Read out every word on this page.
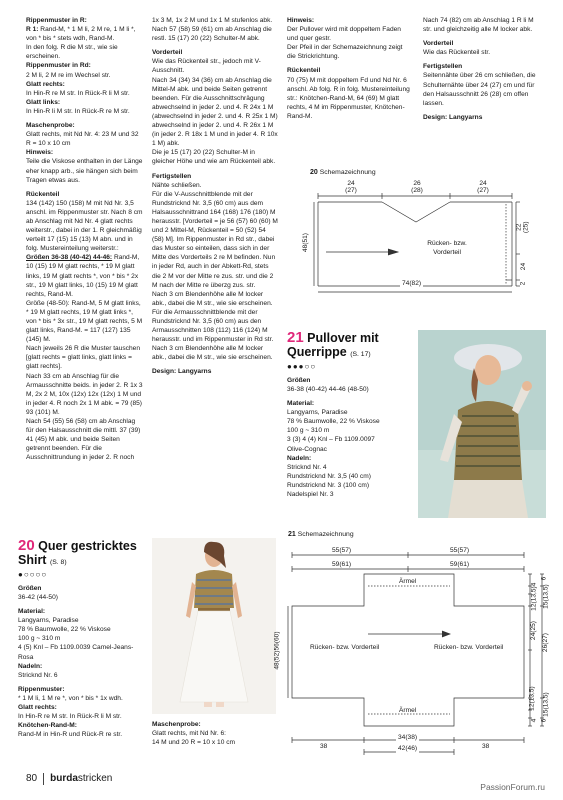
Rippenmuster in R:

R 1: Rand-M, * 1 M li, 2 M re, 1 M li *, von * bis * stets wdh, Rand-M.

In den folg. R die M str., wie sie erscheinen.

Rippenmuster in Rd:

2 M li, 2 M re im Wechsel str.

Glatt rechts:

In Hin-R re M str. In Rück-R li M str.

Glatt links:

In Hin-R li M str. In Rück-R re M str.

Maschenprobe:

Glatt rechts, mit Nd Nr. 4: 23 M und 32 R = 10 x 10 cm

Hinweis:

Teile die Viskose enthalten in der Länge eher knapp arb., sie hängen sich beim Tragen etwas aus.

Rückenteil

134 (142) 150 (158) M mit Nd Nr. 3,5 anschl. im Rippenmuster str. Nach 8 cm ab Anschlag mit Nd Nr. 4 glatt rechts weiterstr., dabei in der 1. R gleichmäßig verteilt 17 (15) 15 (13) M abn. und in folg. Mustereinteilung weiterstr.:

Größen 36-38 (40-42) 44-46: Rand-M, 10 (15) 19 M glatt rechts, * 19 M glatt links, 19 M glatt rechts *, von * bis * 2x str., 19 M glatt links, 10 (15) 19 M glatt rechts, Rand-M.

Größe (48-50): Rand-M, 5 M glatt links, * 19 M glatt rechts, 19 M glatt links *, von * bis * 3x str., 19 M glatt rechts, 5 M glatt links, Rand-M. = 117 (127) 135 (145) M.

Nach jeweils 26 R die Muster tauschen [glatt rechts = glatt links, glatt links = glatt rechts].

Nach 33 cm ab Anschlag für die Armausschnitte beids. in jeder 2. R 1x 3 M, 2x 2 M, 10x (12x) 12x (12x) 1 M und in jeder 4. R noch 2x 1 M abk. = 79 (85) 93 (101) M.

Nach 54 (55) 56 (58) cm ab Anschlag für den Halsausschnitt die mittl. 37 (39) 41 (45) M abk. und beide Seiten getrennt beenden. Für die Ausschnittrundung in jeder 2. R noch

1x 3 M, 1x 2 M und 1x 1 M stufenlos abk.

Nach 57 (58) 59 (61) cm ab Anschlag die restl. 15 (17) 20 (22) Schulter-M abk.

Vorderteil

Wie das Rückenteil str., jedoch mit V-Ausschnitt.

Nach 34 (34) 34 (36) cm ab Anschlag die Mittel-M abk. und beide Seiten getrennt beenden. Für die Ausschnittschrägung abwechselnd in jeder 2. und 4. R 24x 1 M (abwechselnd in jeder 2. und 4. R 25x 1 M) abwechselnd in jeder 2. und 4. R 26x 1 M (in jeder 2. R 18x 1 M und in jeder 4. R 10x 1 M) abk.

Die je 15 (17) 20 (22) Schulter-M in gleicher Höhe und wie am Rückenteil abk.

Fertigstellen

Nähte schließen.

Für die V-Ausschnittblende mit der Rundstricknd Nr. 3,5 (60 cm) aus dem Halsausschnittrand 164 (168) 176 (180) M herausstr. [Vorderteil = je 56 (57) 60 (60) M und 2 Mittel-M, Rückenteil = 50 (52) 54 (58) M]. Im Rippenmuster in Rd str., dabei das Muster so einteilen, dass sich in der Mitte des Vorderteils 2 re M befinden. Nun in jeder Rd, auch in der Abkett-Rd, stets die 2 M vor der Mitte re zus. str. und die 2 M nach der Mitte re überzg zus. str.

Nach 3 cm Blendenhöhe alle M locker abk., dabei die M str., wie sie erscheinen.

Für die Armausschnittblende mit der Rundstricknd Nr. 3,5 (60 cm) aus den Armausschnitten 108 (112) 116 (124) M herausstr. und im Rippenmuster in Rd str.

Nach 3 cm Blendenhöhe alle M locker abk., dabei die M str., wie sie erscheinen.

Design: Langyarns

Hinweis:

Der Pullover wird mit doppeltem Faden und quer gestr.

Der Pfeil in der Schemazeichnung zeigt die Strickrichtung.

Rückenteil

70 (75) M mit doppeltem Fd und Nd Nr. 6 anschl. Ab folg. R in folg. Mustereinteilung str.: Knötchen-Rand-M, 64 (69) M glatt rechts, 4 M im Rippenmuster, Knötchen-Rand-M.

Nach 74 (82) cm ab Anschlag 1 R li M str. und gleichzeitig alle M locker abk.

Vorderteil

Wie das Rückenteil str.

Fertigstellen

Seitennähte über 26 cm schließen, die Schulternähte über 24 (27) cm und für den Halsausschnitt 26 (28) cm offen lassen.

Design: Langyarns

20 Schemazeichnung
24
(27)
26
(28)
24
(27)
48(51)	Rücken- bzw.
Vorderteil
74(82)
22
(25)
24
2
21 Pullover mit
Querrippe (S. 17)
●●●○○

Größen

36-38 (40-42) 44-46 (48-50)

Material:

Langyarns, Paradise

78 % Baumwolle, 22 % Viskose

100 g ~ 310 m

3 (3) 4 (4) Knl – Fb 1109.0097

Olive-Cognac

Nadeln:

Stricknd Nr. 4

Rundstricknd Nr. 3,5 (40 cm)

Rundstricknd Nr. 3 (100 cm)

Nadelspiel Nr. 3

20 Quer gestricktes
Shirt (S. 8)
●○○○○

Größen

36-42 (44-50)

Material:

Langyarns, Paradise

78 % Baumwolle, 22 % Viskose

100 g ~ 310 m

4 (5) Knl – Fb 1109.0039 Camel-Jeans-Rosa

Nadeln:

Stricknd Nr. 6

Rippenmuster:

* 1 M li, 1 M re *, von * bis * 1x wdh.

Glatt rechts:

In Hin-R re M str. In Rück-R li M str.

Knötchen-Rand-M:

Rand-M in Hin-R und Rück-R re str.

Maschenprobe:

Glatt rechts, mit Nd Nr. 6:

14 M und 20 R = 10 x 10 cm

21 Schemazeichnung
55(57)	55(57)
59(61)	59(61)
Ärmel
Ärmel
48(52)56(60)	Rücken- bzw. Vorderteil	Rücken- bzw. Vorderteil
6
4 15(13,5)
12(13,5)
26(27)
24(25)
15(13,5)
12(13,5)
4 6
38
34(38)
42(46)	38
80 burdastricken
PassionForum.ru
